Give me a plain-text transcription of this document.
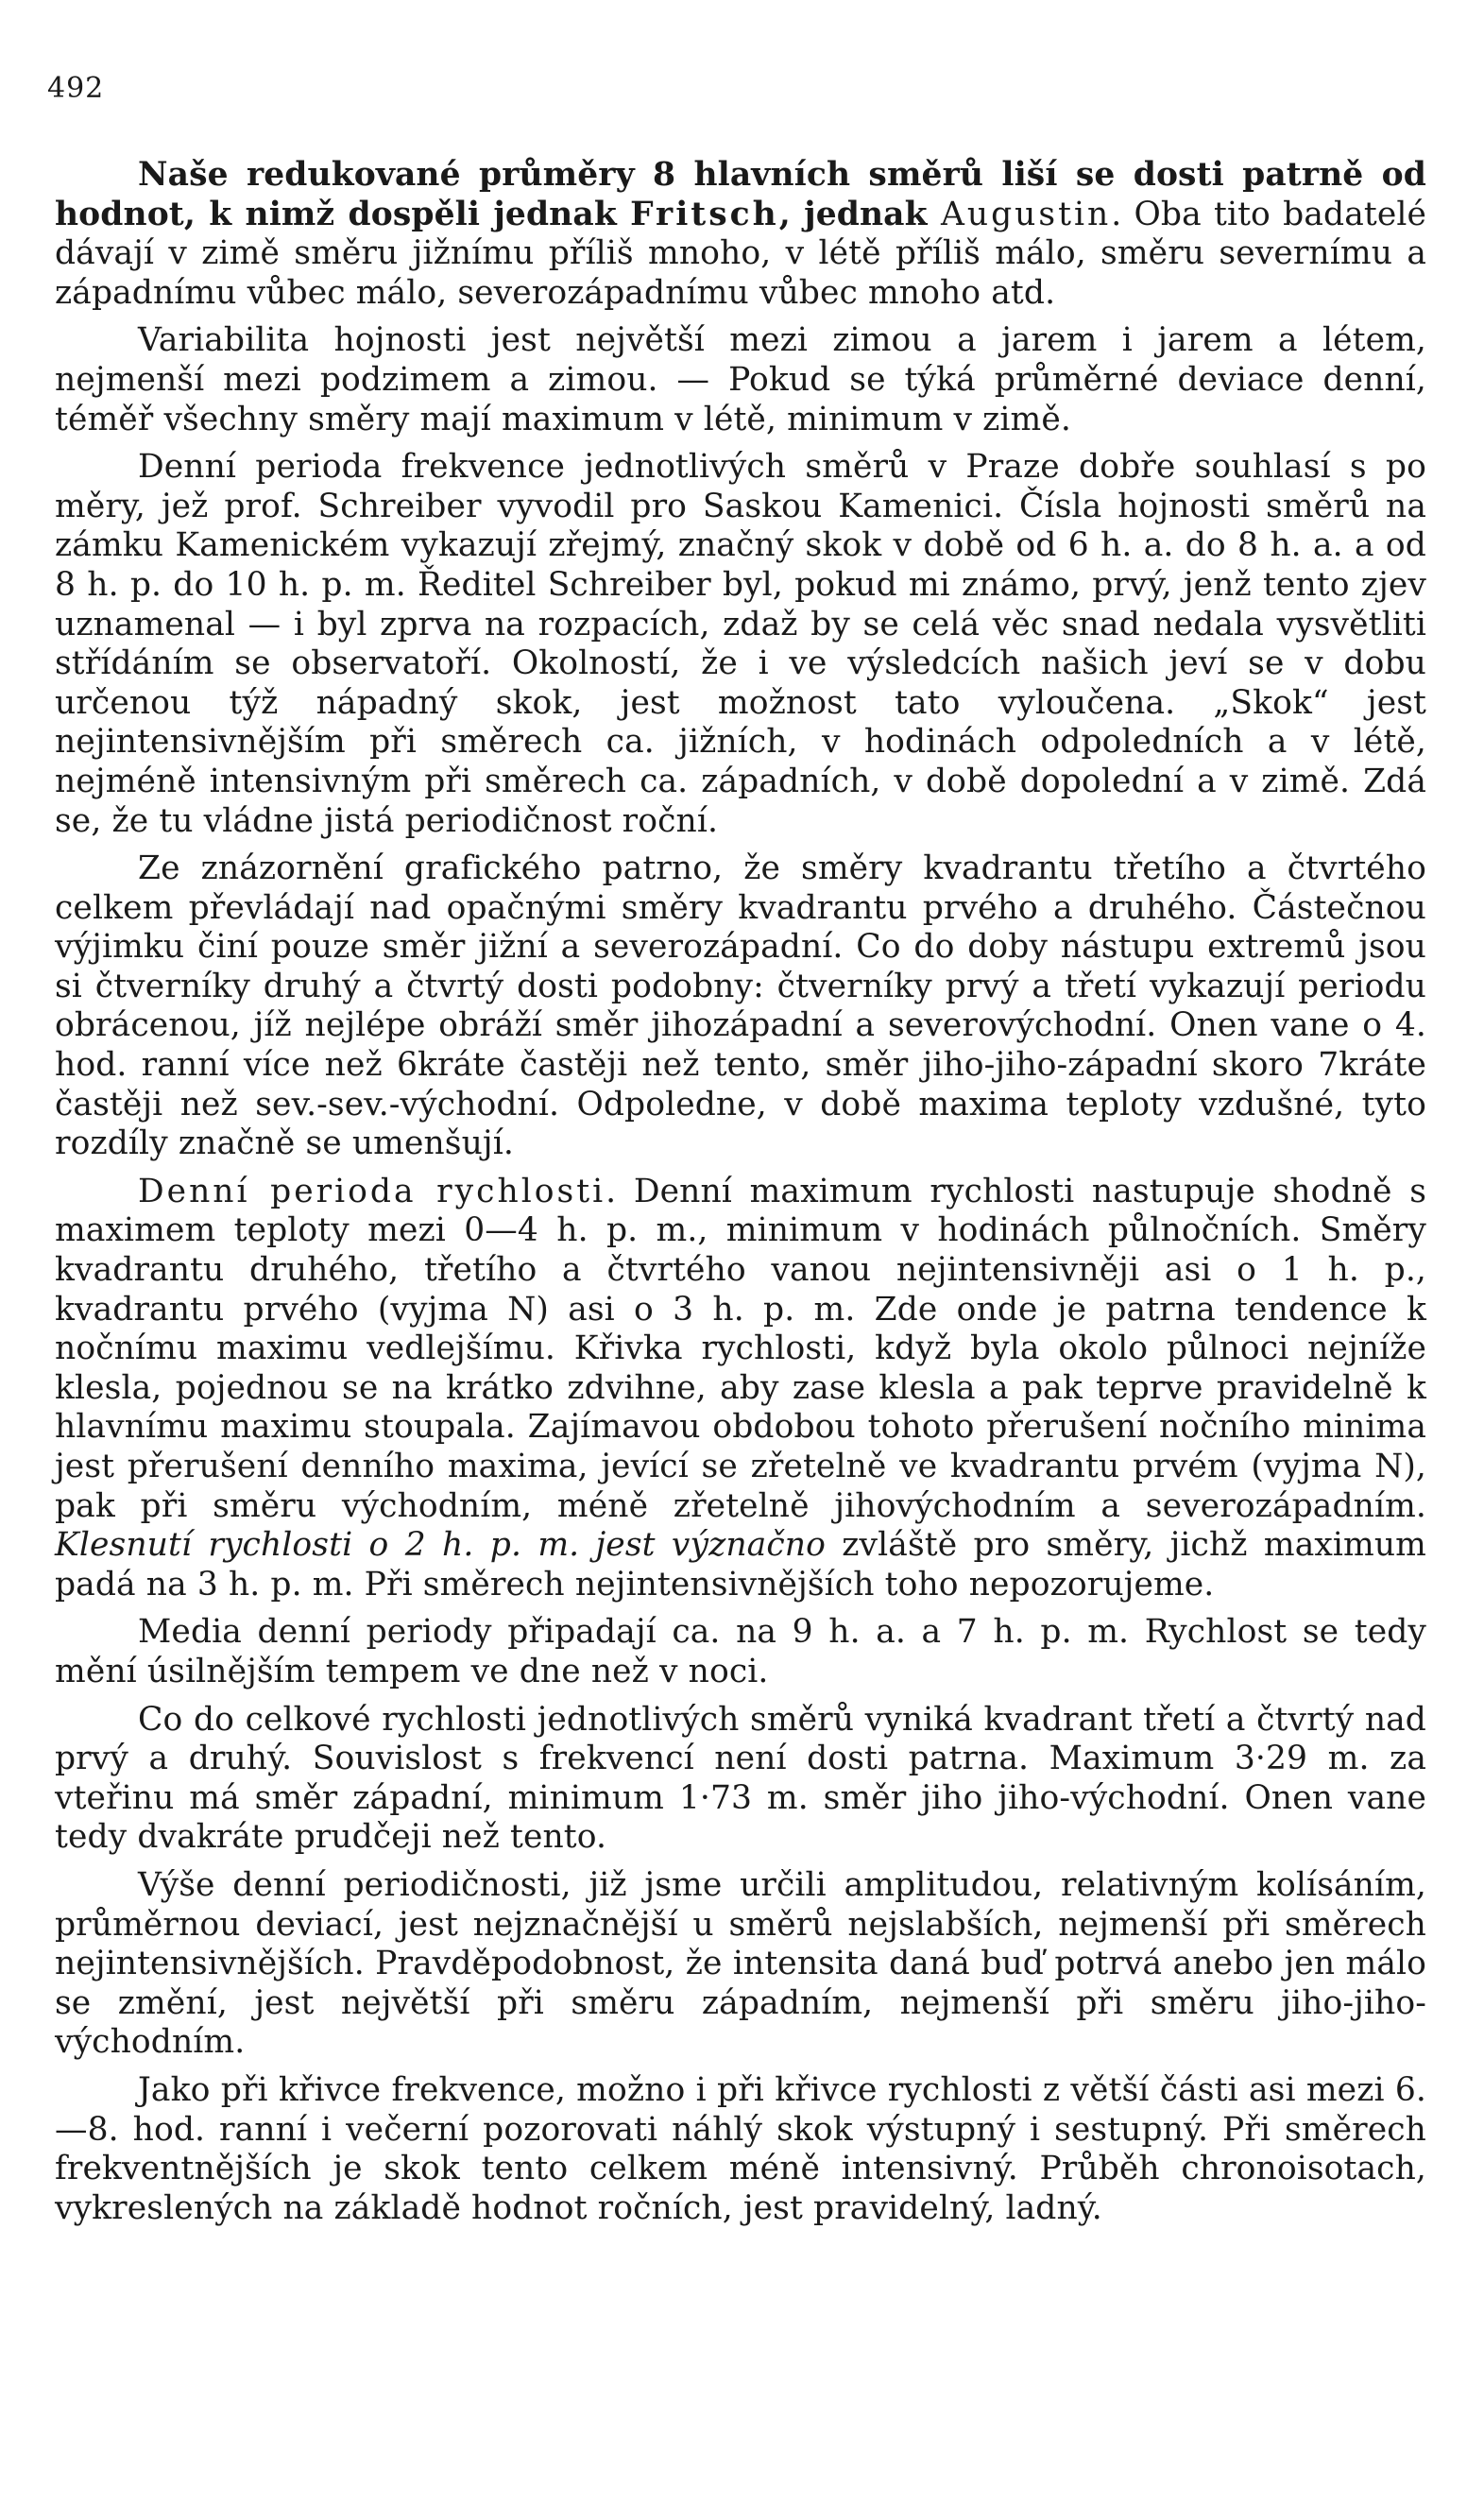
492

Naše redukované průměry 8 hlavních směrů liší se dosti patrně od hodnot, k nimž dospěli jednak Fritsch, jednak Augustin. Oba tito badatelé dávají v zimě směru jižnímu příliš mnoho, v létě příliš málo, směru severnímu a západnímu vůbec málo, severozápadnímu vůbec mnoho atd.

Variabilita hojnosti jest největší mezi zimou a jarem i jarem a létem, nejmenší mezi podzimem a zimou. — Pokud se týká průměrné deviace denní, téměř všechny směry mají maximum v létě, minimum v zimě.

Denní perioda frekvence jednotlivých směrů v Praze dobře souhlasí s po měry, jež prof. Schreiber vyvodil pro Saskou Kamenici. Čísla hojnosti směrů na zámku Kamenickém vykazují zřejmý, značný skok v době od 6 h. a. do 8 h. a. a od 8 h. p. do 10 h. p. m. Ředitel Schreiber byl, pokud mi známo, prvý, jenž tento zjev uznamenal — i byl zprva na rozpacích, zdaž by se celá věc snad nedala vysvětliti střídáním se observatoří. Okolností, že i ve výsledcích našich jeví se v dobu určenou týž nápadný skok, jest možnost tato vyloučena. „Skok“ jest nejintensivnějším při směrech ca. jižních, v hodinách odpoledních a v létě, nejméně intensivným při směrech ca. západních, v době dopolední a v zimě. Zdá se, že tu vládne jistá periodičnost roční.

Ze znázornění grafického patrno, že směry kvadrantu třetího a čtvrtého celkem převládají nad opačnými směry kvadrantu prvého a druhého. Částečnou výjimku činí pouze směr jižní a severozápadní. Co do doby nástupu extremů jsou si čtverníky druhý a čtvrtý dosti podobny: čtverníky prvý a třetí vykazují periodu obrácenou, jíž nejlépe obráží směr jihozápadní a severovýchodní. Onen vane o 4. hod. ranní více než 6kráte častěji než tento, směr jiho-jiho-západní skoro 7kráte častěji než sev.-sev.-východní. Odpoledne, v době maxima teploty vzdušné, tyto rozdíly značně se umenšují.

Denní perioda rychlosti. Denní maximum rychlosti nastupuje shodně s maximem teploty mezi 0—4 h. p. m., minimum v hodinách půlnočních. Směry kvadrantu druhého, třetího a čtvrtého vanou nejintensivněji asi o 1 h. p., kvadrantu prvého (vyjma N) asi o 3 h. p. m. Zde onde je patrna tendence k nočnímu maximu vedlejšímu. Křivka rychlosti, když byla okolo půlnoci nejníže klesla, pojednou se na krátko zdvihne, aby zase klesla a pak teprve pravidelně k hlavnímu maximu stoupala. Zajímavou obdobou tohoto přerušení nočního minima jest přerušení denního maxima, jevící se zřetelně ve kvadrantu prvém (vyjma N), pak při směru východním, méně zřetelně jihovýchodním a severozápadním. Klesnutí rychlosti o 2 h. p. m. jest význačno zvláště pro směry, jichž maximum padá na 3 h. p. m. Při směrech nejintensivnějších toho nepozorujeme.

Media denní periody připadají ca. na 9 h. a. a 7 h. p. m. Rychlost se tedy mění úsilnějším tempem ve dne než v noci.

Co do celkové rychlosti jednotlivých směrů vyniká kvadrant třetí a čtvrtý nad prvý a druhý. Souvislost s frekvencí není dosti patrna. Maximum 3·29 m. za vteřinu má směr západní, minimum 1·73 m. směr jiho jiho-východní. Onen vane tedy dvakráte prudčeji než tento.

Výše denní periodičnosti, již jsme určili amplitudou, relativným kolísáním, průměrnou deviací, jest nejznačnější u směrů nejslabších, nejmenší při směrech nejintensivnějších. Pravděpodobnost, že intensita daná buď potrvá anebo jen málo se změní, jest největší při směru západním, nejmenší při směru jiho-jiho-východním.

Jako při křivce frekvence, možno i při křivce rychlosti z větší části asi mezi 6.—8. hod. ranní i večerní pozorovati náhlý skok výstupný i sestupný. Při směrech frekventnějších je skok tento celkem méně intensivný. Průběh chronoisotach, vykreslených na základě hodnot ročních, jest pravidelný, ladný.
